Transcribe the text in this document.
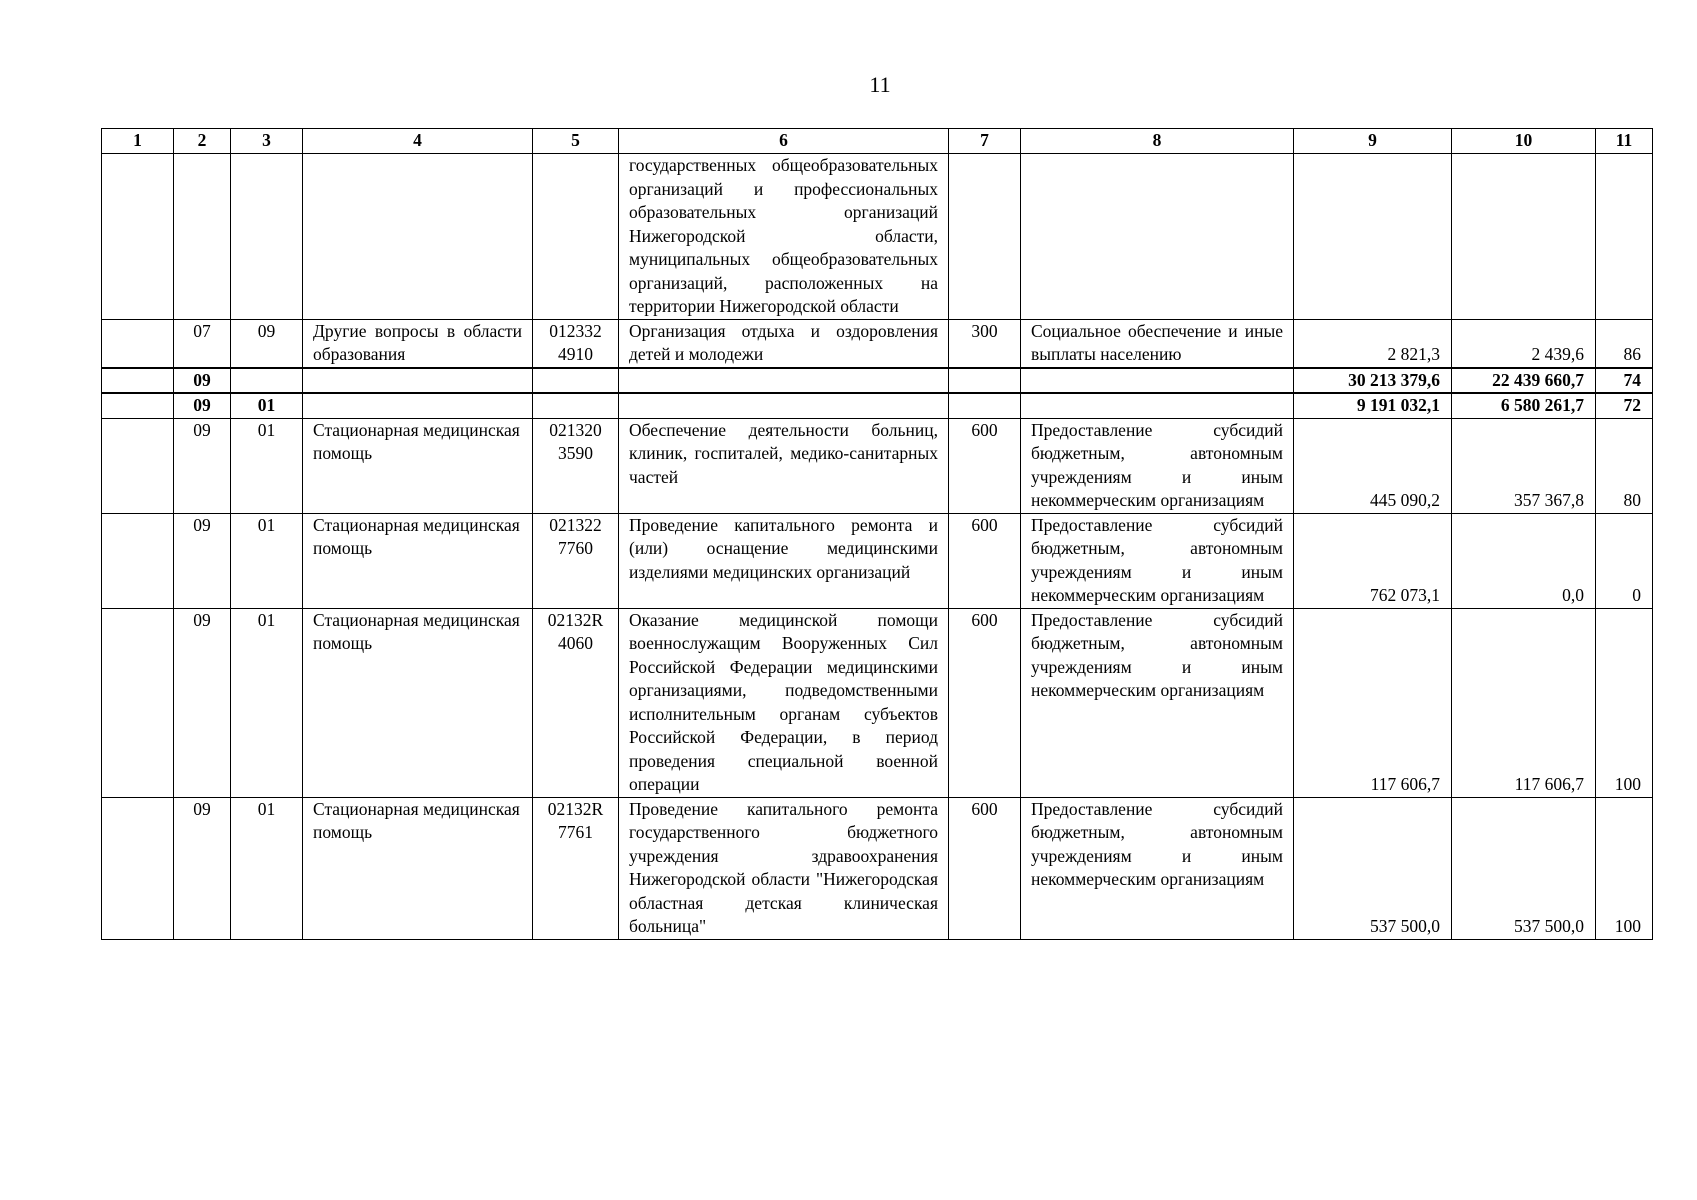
11
1	2	3	4	5	6	7	8	9	10	11
					государственных общеобразовательных организаций и профессиональных образовательных организаций Нижегородской области, муниципальных общеобразовательных организаций, расположенных на территории Нижегородской области					
	07	09	Другие вопросы в области образования	012332 4910	Организация отдыха и оздоровления детей и молодежи	300	Социальное обеспечение и иные выплаты населению	2 821,3	2 439,6	86
	09							30 213 379,6	22 439 660,7	74
	09	01						9 191 032,1	6 580 261,7	72
	09	01	Стационарная медицинская помощь	021320 3590	Обеспечение деятельности больниц, клиник, госпиталей, медико-санитарных частей	600	Предоставление субсидий бюджетным, автономным учреждениям и иным некоммерческим организациям	445 090,2	357 367,8	80
	09	01	Стационарная медицинская помощь	021322 7760	Проведение капитального ремонта и (или) оснащение медицинскими изделиями медицинских организаций	600	Предоставление субсидий бюджетным, автономным учреждениям и иным некоммерческим организациям	762 073,1	0,0	0
	09	01	Стационарная медицинская помощь	02132R 4060	Оказание медицинской помощи военнослужащим Вооруженных Сил Российской Федерации медицинскими организациями, подведомственными исполнительным органам субъектов Российской Федерации, в период проведения специальной военной операции	600	Предоставление субсидий бюджетным, автономным учреждениям и иным некоммерческим организациям	117 606,7	117 606,7	100
	09	01	Стационарная медицинская помощь	02132R 7761	Проведение капитального ремонта государственного бюджетного учреждения здравоохранения Нижегородской области "Нижегородская областная детская клиническая больница"	600	Предоставление субсидий бюджетным, автономным учреждениям и иным некоммерческим организациям	537 500,0	537 500,0	100
